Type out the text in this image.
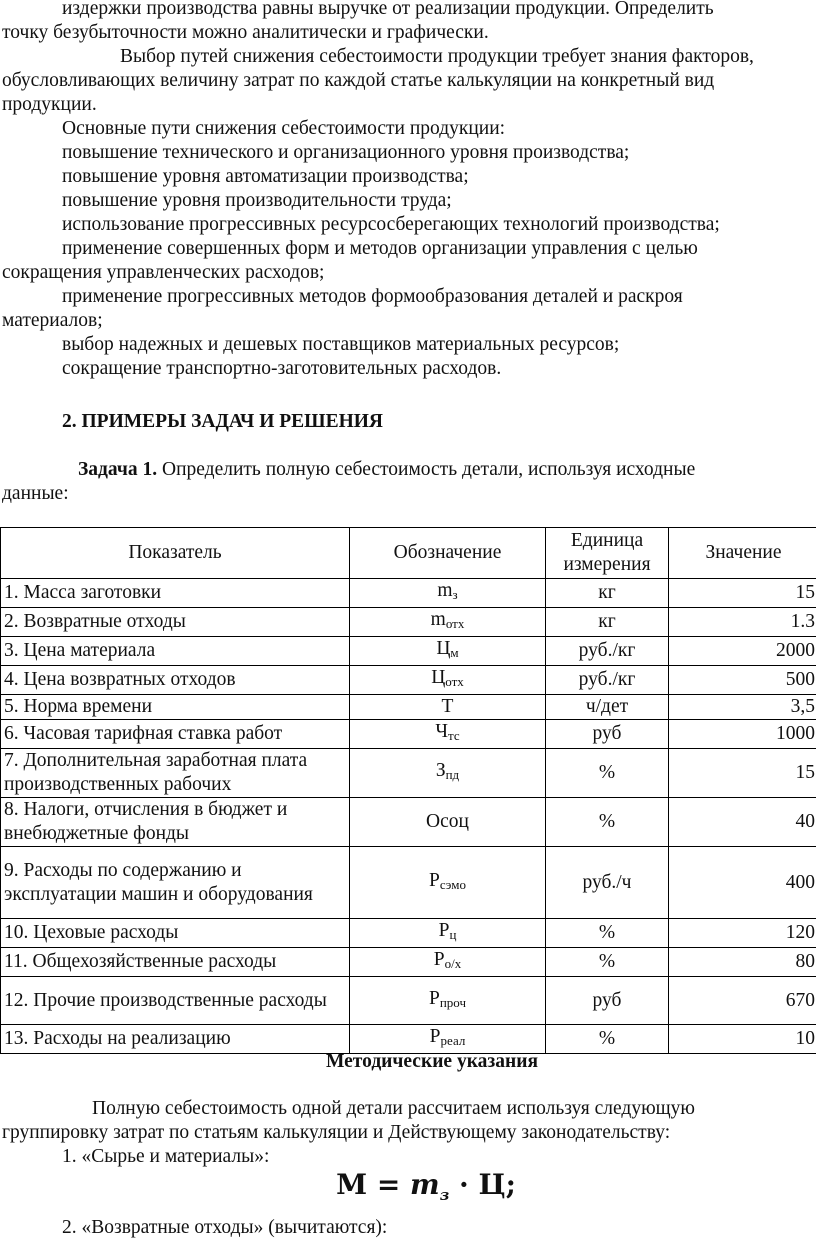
издержки производства равны выручке от реализации продукции. Определить
точку безубыточности можно аналитически и графически.
Выбор путей снижения себестоимости продукции требует знания факторов,
обусловливающих величину затрат по каждой статье калькуляции на конкретный вид
продукции.
Основные пути снижения себестоимости продукции:
повышение технического и организационного уровня производства;
повышение уровня автоматизации производства;
повышение уровня производительности труда;
использование прогрессивных ресурсосберегающих технологий производства;
применение совершенных форм и методов организации управления с целью
сокращения управленческих расходов;
применение прогрессивных методов формообразования деталей и раскроя
материалов;
выбор надежных и дешевых поставщиков материальных ресурсов;
сокращение транспортно-заготовительных расходов.
2. ПРИМЕРЫ ЗАДАЧ И РЕШЕНИЯ
Задача 1. Определить полную себестоимость детали, используя исходные
данные:
Показатель	Обозначение	Единица измерения	Значение
1. Масса заготовки	$m_з$	кг	15
2. Возвратные отходы	$m_{отх}$	кг	1.3
3. Цена материала	$Ц_м$	руб./кг	2000
4. Цена возвратных отходов	$Ц_{отх}$	руб./кг	500
5. Норма времени	Т	ч/дет	3,5
6. Часовая тарифная ставка работ	$Ч_{тс}$	руб	1000
7. Дополнительная заработная плата производственных рабочих	$З_{пд}$	%	15
8. Налоги, отчисления в бюджет и внебюджетные фонды	Осоц	%	40
9. Расходы по содержанию и эксплуатации машин и оборудования	$Р_{сэмо}$	руб./ч	400
10. Цеховые расходы	$Р_ц$	%	120
11. Общехозяйственные расходы	$Р_{о/х}$	%	80
12. Прочие производственные расходы	$Р_{проч}$	руб	670
13. Расходы на реализацию	$Р_{реал}$	%	10
Методические указания
Полную себестоимость одной детали рассчитаем используя следующую
группировку затрат по статьям калькуляции и Действующему законодательству:
1. «Сырье и материалы»:
$M = m_з \cdot Ц$;
2. «Возвратные отходы» (вычитаются):
